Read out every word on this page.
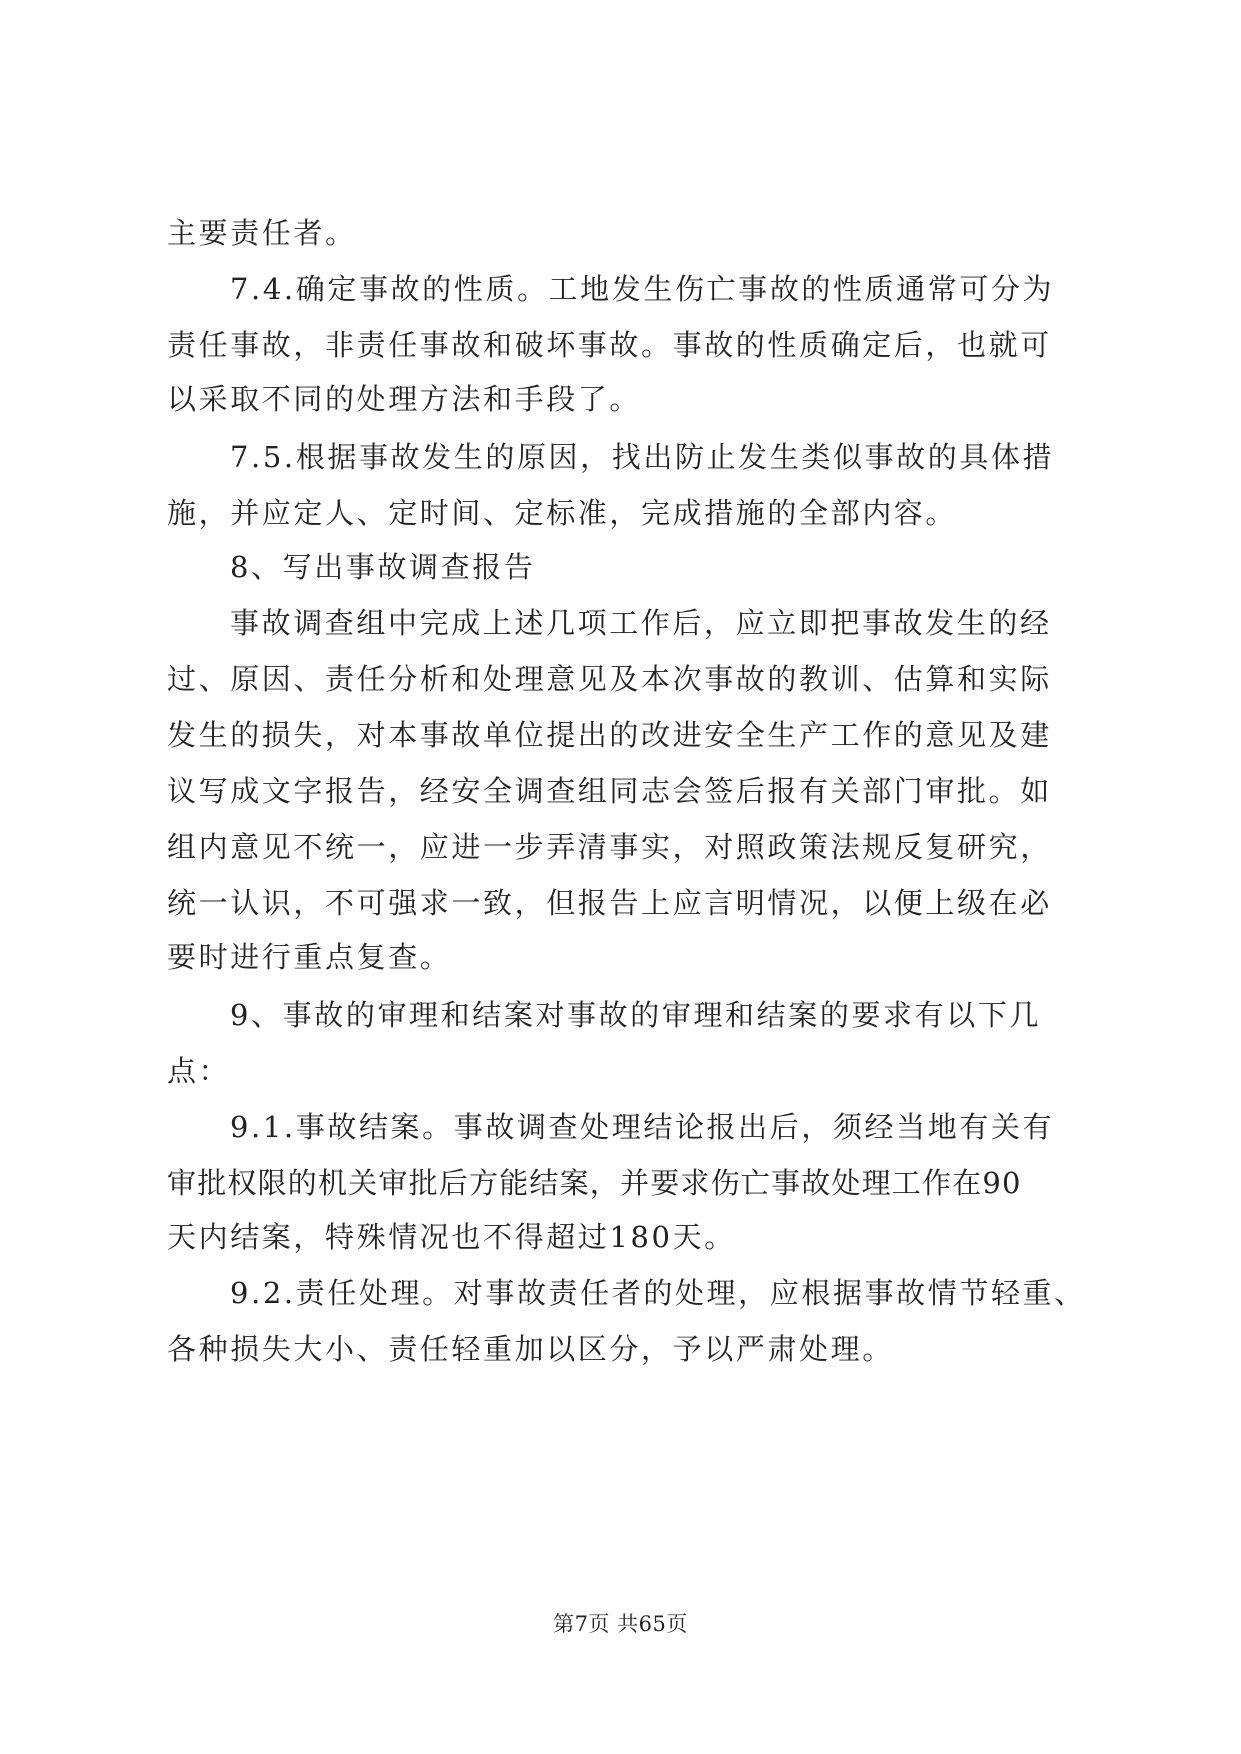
主要责任者。
7.4.确定事故的性质。工地发生伤亡事故的性质通常可分为
责任事故，非责任事故和破坏事故。事故的性质确定后，也就可
以采取不同的处理方法和手段了。
7.5.根据事故发生的原因，找出防止发生类似事故的具体措
施，并应定人、定时间、定标准，完成措施的全部内容。
8、写出事故调查报告
事故调查组中完成上述几项工作后，应立即把事故发生的经
过、原因、责任分析和处理意见及本次事故的教训、估算和实际
发生的损失，对本事故单位提出的改进安全生产工作的意见及建
议写成文字报告，经安全调查组同志会签后报有关部门审批。如
组内意见不统一，应进一步弄清事实，对照政策法规反复研究，
统一认识，不可强求一致，但报告上应言明情况，以便上级在必
要时进行重点复查。
9、事故的审理和结案对事故的审理和结案的要求有以下几
点：
9.1.事故结案。事故调查处理结论报出后，须经当地有关有
审批权限的机关审批后方能结案，并要求伤亡事故处理工作在90
天内结案，特殊情况也不得超过180天。
9.2.责任处理。对事故责任者的处理，应根据事故情节轻重、
各种损失大小、责任轻重加以区分，予以严肃处理。
第7页 共65页
